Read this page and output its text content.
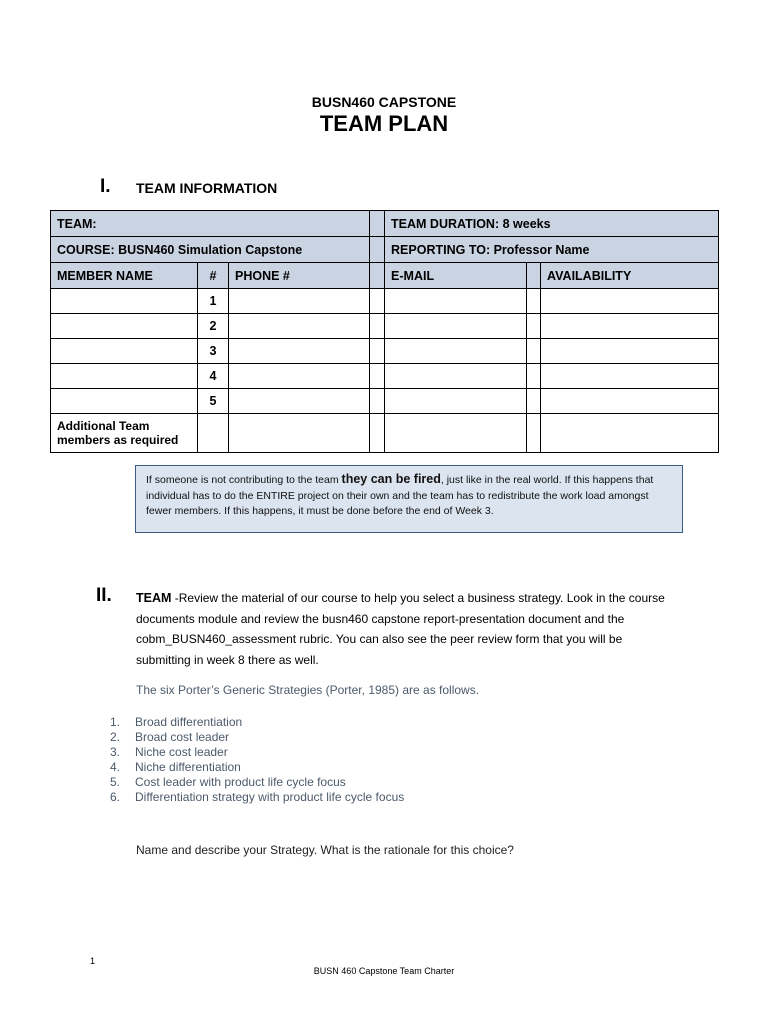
BUSN460 CAPSTONE
TEAM PLAN
I. TEAM INFORMATION
TEAM:				TEAM DURATION: 8 weeks		
COURSE: BUSN460 Simulation Capstone				REPORTING TO: Professor Name		
MEMBER NAME	#	PHONE #		E-MAIL		AVAILABILITY
	1					
	2					
	3					
	4					
	5					
Additional Team members as required						
If someone is not contributing to the team they can be fired, just like in the real world. If this happens that individual has to do the ENTIRE project on their own and the team has to redistribute the work load amongst fewer members. If this happens, it must be done before the end of Week 3.
II. TEAM -Review the material of our course to help you select a business strategy. Look in the course documents module and review the busn460 capstone report-presentation document and the cobm_BUSN460_assessment rubric. You can also see the peer review form that you will be submitting in week 8 there as well.
The six Porter’s Generic Strategies (Porter, 1985) are as follows.
1.	Broad differentiation
2.	Broad cost leader
3.	Niche cost leader
4.	Niche differentiation
5.	Cost leader with product life cycle focus
6.	Differentiation strategy with product life cycle focus
Name and describe your Strategy. What is the rationale for this choice?
1
BUSN 460 Capstone Team Charter
